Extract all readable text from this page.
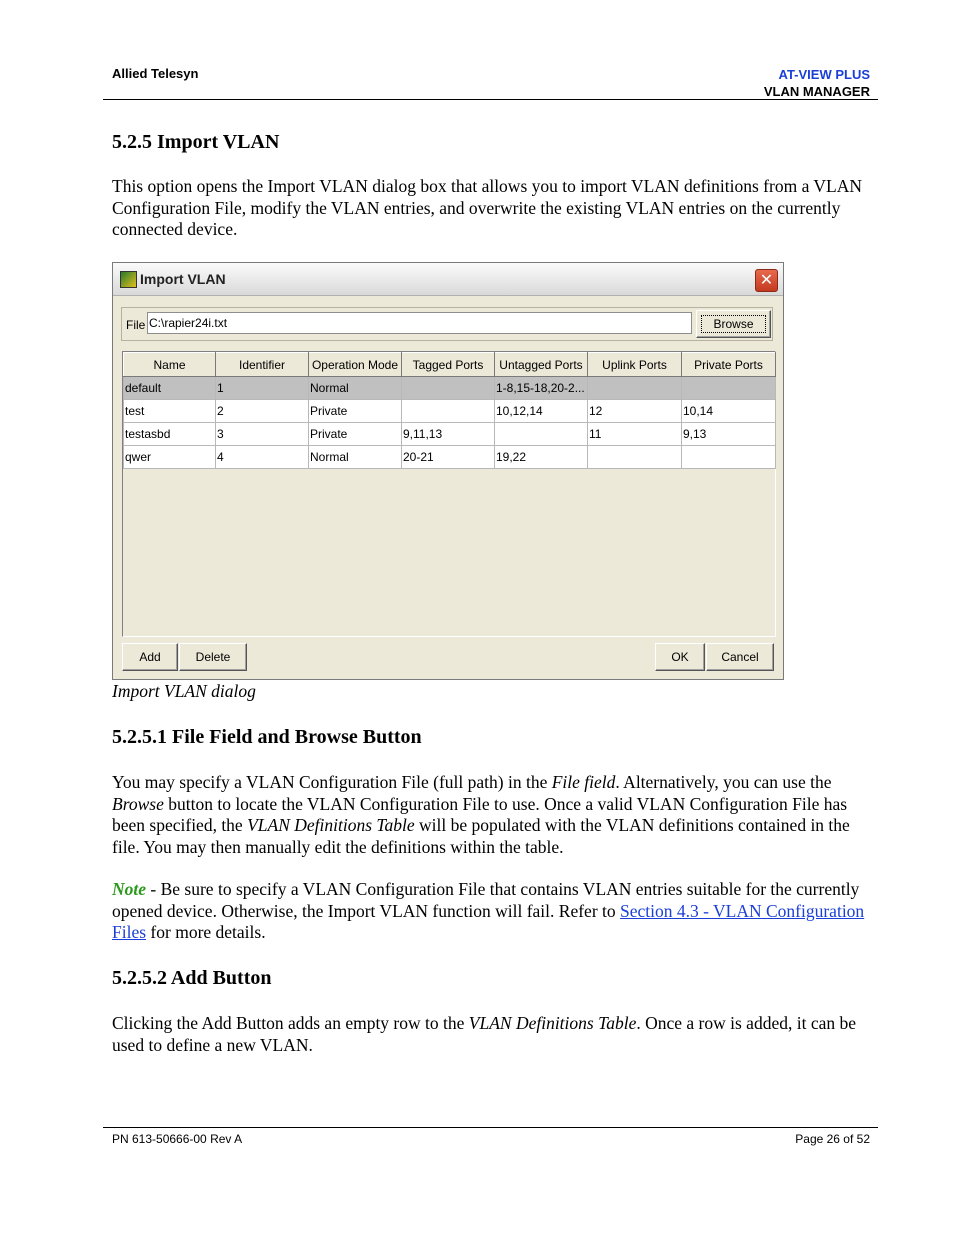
Allied Telesyn	AT-VIEW PLUS
VLAN MANAGER
5.2.5 Import VLAN

This option opens the Import VLAN dialog box that allows you to import VLAN definitions from a VLAN Configuration File, modify the VLAN entries, and overwrite the existing VLAN entries on the currently connected device.

Import VLAN	✕
File C:\rapier24i.txt	Browse
Name	Identifier	Operation Mode	Tagged Ports	Untagged Ports	Uplink Ports	Private Ports
default	1	Normal		1-8,15-18,20-2...		
test	2	Private		10,12,14	12	10,14
testasbd	3	Private	9,11,13		11	9,13
qwer	4	Normal	20-21	19,22		
Add	Delete	OK	Cancel
Import VLAN dialog
5.2.5.1 File Field and Browse Button

You may specify a VLAN Configuration File (full path) in the File field. Alternatively, you can use the Browse button to locate the VLAN Configuration File to use. Once a valid VLAN Configuration File has been specified, the VLAN Definitions Table will be populated with the VLAN definitions contained in the file. You may then manually edit the definitions within the table.

Note - Be sure to specify a VLAN Configuration File that contains VLAN entries suitable for the currently opened device. Otherwise, the Import VLAN function will fail. Refer to Section 4.3 - VLAN Configuration Files for more details.

5.2.5.2 Add Button

Clicking the Add Button adds an empty row to the VLAN Definitions Table. Once a row is added, it can be used to define a new VLAN.

PN 613-50666-00 Rev A	Page 26 of 52
